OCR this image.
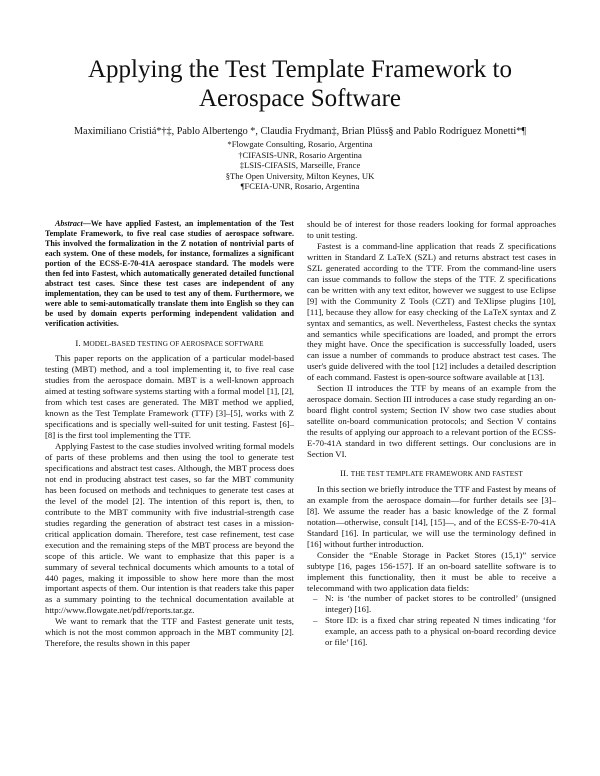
Applying the Test Template Framework to Aerospace Software
Maximiliano Cristiá*†‡, Pablo Albertengo *, Claudia Frydman‡, Brian Plüss§ and Pablo Rodríguez Monetti*¶
*Flowgate Consulting, Rosario, Argentina
†CIFASIS-UNR, Rosario Argentina
‡LSIS-CIFASIS, Marseille, France
§The Open University, Milton Keynes, UK
¶FCEIA-UNR, Rosario, Argentina

Abstract—We have applied Fastest, an implementation of the Test Template Framework, to five real case studies of aerospace software. This involved the formalization in the Z notation of nontrivial parts of each system. One of these models, for instance, formalizes a significant portion of the ECSS-E-70-41A aerospace standard. The models were then fed into Fastest, which automatically generated detailed functional abstract test cases. Since these test cases are independent of any implementation, they can be used to test any of them. Furthermore, we were able to semi-automatically translate them into English so they can be used by domain experts performing independent validation and verification activities.

I. MODEL-BASED TESTING OF AEROSPACE SOFTWARE

This paper reports on the application of a particular model-based testing (MBT) method, and a tool implementing it, to five real case studies from the aerospace domain. MBT is a well-known approach aimed at testing software systems starting with a formal model [1], [2], from which test cases are generated. The MBT method we applied, known as the Test Template Framework (TTF) [3]–[5], works with Z specifications and is specially well-suited for unit testing. Fastest [6]–[8] is the first tool implementing the TTF.

Applying Fastest to the case studies involved writing formal models of parts of these problems and then using the tool to generate test specifications and abstract test cases. Although, the MBT process does not end in producing abstract test cases, so far the MBT community has been focused on methods and techniques to generate test cases at the level of the model [2]. The intention of this report is, then, to contribute to the MBT community with five industrial-strength case studies regarding the generation of abstract test cases in a mission-critical application domain. Therefore, test case refinement, test case execution and the remaining steps of the MBT process are beyond the scope of this article. We want to emphasize that this paper is a summary of several technical documents which amounts to a total of 440 pages, making it impossible to show here more than the most important aspects of them. Our intention is that readers take this paper as a summary pointing to the technical documentation available at http://www.flowgate.net/pdf/reports.tar.gz.

We want to remark that the TTF and Fastest generate unit tests, which is not the most common approach in the MBT community [2]. Therefore, the results shown in this paper

should be of interest for those readers looking for formal approaches to unit testing.

Fastest is a command-line application that reads Z specifications written in Standard Z LaTeX (SZL) and returns abstract test cases in SZL generated according to the TTF. From the command-line users can issue commands to follow the steps of the TTF. Z specifications can be written with any text editor, however we suggest to use Eclipse [9] with the Community Z Tools (CZT) and TeXlipse plugins [10], [11], because they allow for easy checking of the LaTeX syntax and Z syntax and semantics, as well. Nevertheless, Fastest checks the syntax and semantics while specifications are loaded, and prompt the errors they might have. Once the specification is successfully loaded, users can issue a number of commands to produce abstract test cases. The user's guide delivered with the tool [12] includes a detailed description of each command. Fastest is open-source software available at [13].

Section II introduces the TTF by means of an example from the aerospace domain. Section III introduces a case study regarding an on-board flight control system; Section IV show two case studies about satellite on-board communication protocols; and Section V contains the results of applying our approach to a relevant portion of the ECSS-E-70-41A standard in two different settings. Our conclusions are in Section VI.

II. THE TEST TEMPLATE FRAMEWORK AND FASTEST

In this section we briefly introduce the TTF and Fastest by means of an example from the aerospace domain—for further details see [3]–[8]. We assume the reader has a basic knowledge of the Z formal notation—otherwise, consult [14], [15]—, and of the ECSS-E-70-41A Standard [16]. In particular, we will use the terminology defined in [16] without further introduction.

Consider the “Enable Storage in Packet Stores (15,1)” service subtype [16, pages 156-157]. If an on-board satellite software is to implement this functionality, then it must be able to receive a telecommand with two application data fields:

– N: is ‘the number of packet stores to be controlled’ (unsigned integer) [16].
– Store ID: is a fixed char string repeated N times indicating ‘for example, an access path to a physical on-board recording device or file’ [16].
